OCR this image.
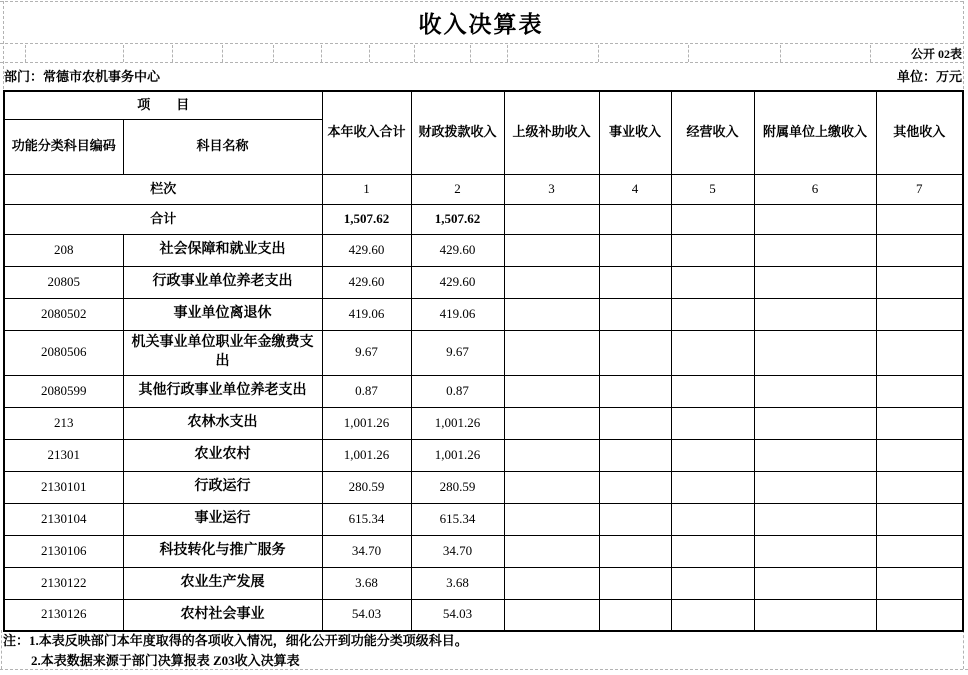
收入决算表
公开 02表
部门：常德市农机事务中心	单位：万元
项　　目		本年收入合计	财政拨款收入	上级补助收入	事业收入	经营收入	附属单位上缴收入	其他收入
功能分类科目编码	科目名称							
栏次		1	2	3	4	5	6	7
合计		1,507.62	1,507.62					
208	社会保障和就业支出	429.60	429.60					
20805	行政事业单位养老支出	429.60	429.60					
2080502	事业单位离退休	419.06	419.06					
2080506	机关事业单位职业年金缴费支出	9.67	9.67					
2080599	其他行政事业单位养老支出	0.87	0.87					
213	农林水支出	1,001.26	1,001.26					
21301	农业农村	1,001.26	1,001.26					
2130101	行政运行	280.59	280.59					
2130104	事业运行	615.34	615.34					
2130106	科技转化与推广服务	34.70	34.70					
2130122	农业生产发展	3.68	3.68					
2130126	农村社会事业	54.03	54.03					
注：1.本表反映部门本年度取得的各项收入情况，细化公开到功能分类项级科目。
2.本表数据来源于部门决算报表 Z03收入决算表
